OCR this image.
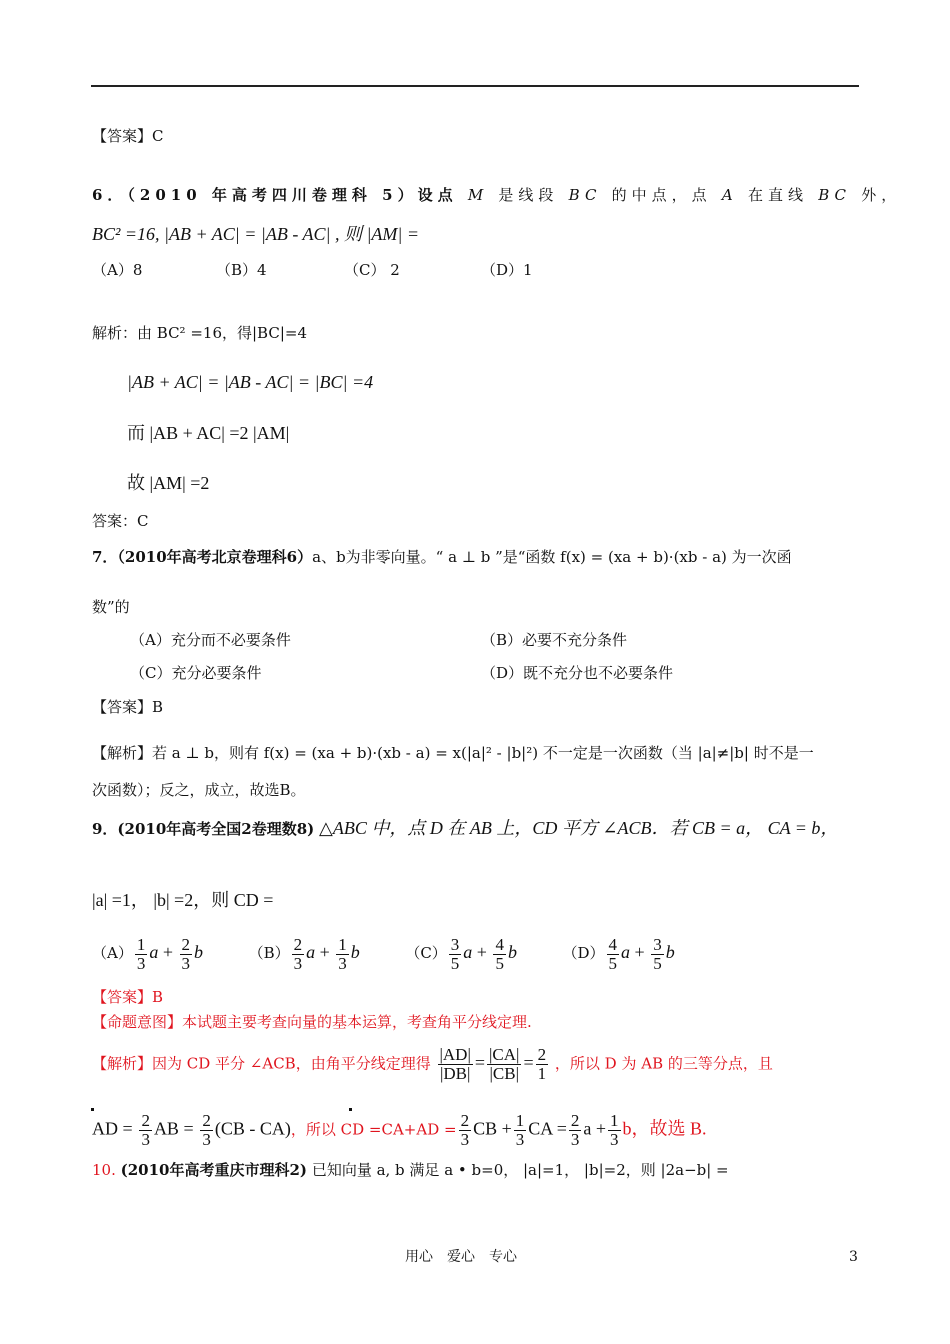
【答案】C
6．（2010 年高考四川卷理科 5）设点 M 是线段 BC 的中点，点 A 在直线 BC 外，
BC² =16, |AB + AC| = |AB - AC| , 则 |AM| =
（A）8	（B）4	（C） 2	（D）1
解析：由 BC² =16，得|BC|=4
|AB + AC| = |AB - AC| = |BC| =4
而 |AB + AC| =2 |AM|
故 |AM| =2
答案：C
7．（2010年高考北京卷理科6）a、b为非零向量。“ a ⊥ b ”是“函数 f(x) = (xa + b)·(xb - a) 为一次函
数”的
（A）充分而不必要条件	（B）必要不充分条件
（C）充分必要条件	（D）既不充分也不必要条件
【答案】B
【解析】若 a ⊥ b，则有 f(x) = (xa + b)·(xb - a) = x(|a|² - |b|²) 不一定是一次函数（当 |a|≠|b| 时不是一
次函数）；反之，成立，故选B。
9．(2010年高考全国2卷理数8) △ABC 中，点 D 在 AB 上，CD 平方 ∠ACB．若 CB = a， CA = b，
|a| =1， |b| =2，则 CD =
$(A) \frac{1}{3}$ $a + \frac{2}{3}$ b	$(B) \frac{2}{3}$ $a + \frac{1}{3}$ b	$(C) \frac{3}{5}$ $a + \frac{4}{5}$ b	$(D) \frac{4}{5}$ $a + \frac{3}{5}$ b
【答案】B
【命题意图】本试题主要考查向量的基本运算，考查角平分线定理.
【解析】因为 CD 平分 ∠ACB，由角平分线定理得 $\frac{|AD|}{|DB|} = \frac{|CA|}{|CB|} = \frac{2}{1}$ ，所以 D 为 AB 的三等分点，且
AD = $\frac{2}{3}$ AB = $\frac{2}{3} (CB - CA)$，所以 CD $=CA+AD = \frac{2}{3}$ CB + $\frac{1}{3}$ CA = $\frac{2}{3}$ $a + \frac{1}{3}$ b，故选 B.
10. (2010年高考重庆市理科2) 已知向量 a, b 满足 a • b=0， |a|=1， |b|=2，则 |2a−b| =
用心　爱心　专心	3
